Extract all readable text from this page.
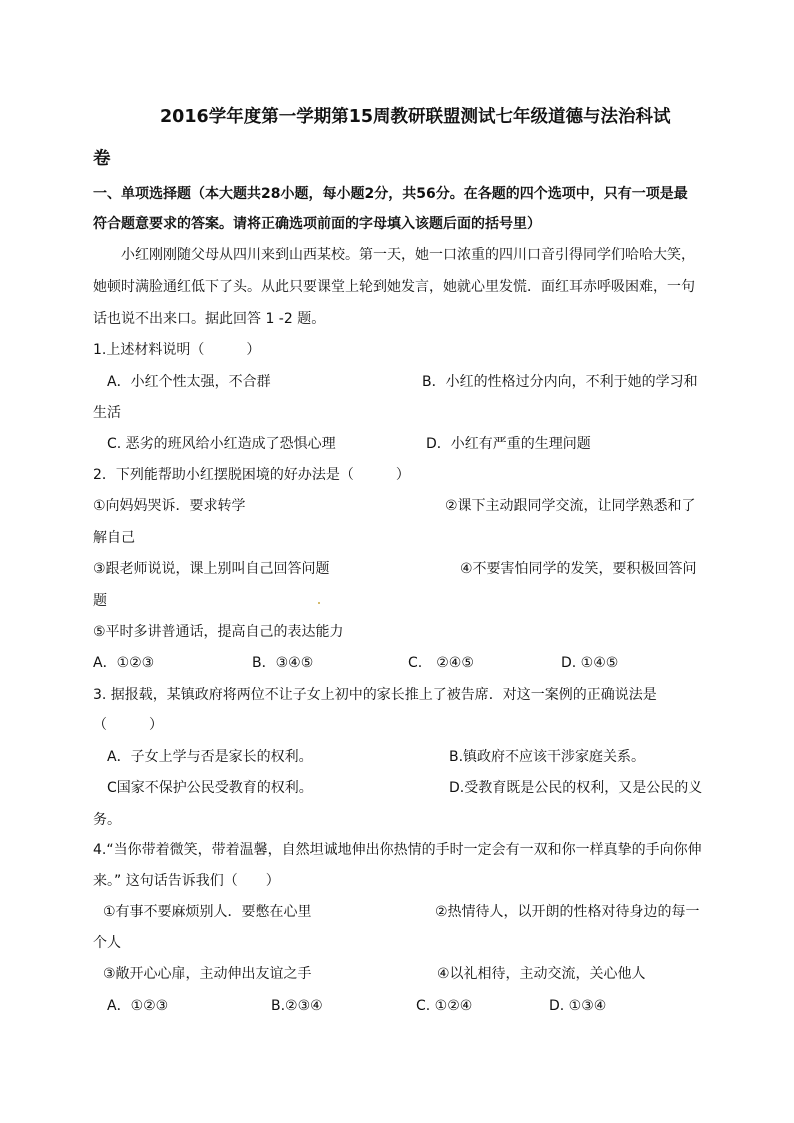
2016学年度第一学期第15周教研联盟测试七年级道德与法治科试
卷
一、单项选择题（本大题共28小题，每小题2分，共56分。在各题的四个选项中，只有一项是最
符合题意要求的答案。请将正确选项前面的字母填入该题后面的括号里）
小红刚刚随父母从四川来到山西某校。第一天，她一口浓重的四川口音引得同学们哈哈大笑，
她顿时满脸通红低下了头。从此只要课堂上轮到她发言，她就心里发慌．面红耳赤呼吸困难，一句
话也说不出来口。据此回答 1 -2 题。
1.上述材料说明（　　　）
A．小红个性太强，不合群	B．小红的性格过分内向，不利于她的学习和
生活
C. 恶劣的班风给小红造成了恐惧心理	D．小红有严重的生理问题
2．下列能帮助小红摆脱困境的好办法是（　　　）
①向妈妈哭诉．要求转学	②课下主动跟同学交流，让同学熟悉和了
解自己
③跟老师说说，课上别叫自己回答问题	④不要害怕同学的发笑，要积极回答问
题
⑤平时多讲普通话，提高自己的表达能力
A．①②③	B．③④⑤	C.　②④⑤	D. ①④⑤
3. 据报载，某镇政府将两位不让子女上初中的家长推上了被告席．对这一案例的正确说法是
（　　　）
A．子女上学与否是家长的权利。	B.镇政府不应该干涉家庭关系。
C国家不保护公民受教育的权利。	D.受教育既是公民的权利，又是公民的义
务。
4.“当你带着微笑，带着温馨，自然坦诚地伸出你热情的手时一定会有一双和你一样真挚的手向你伸
来。” 这句话告诉我们（　　）
①有事不要麻烦别人．要憋在心里	②热情待人，以开朗的性格对待身边的每一
个人
③敞开心心扉，主动伸出友谊之手	④以礼相待，主动交流，关心他人
A．①②③	B.②③④	C. ①②④	D. ①③④
